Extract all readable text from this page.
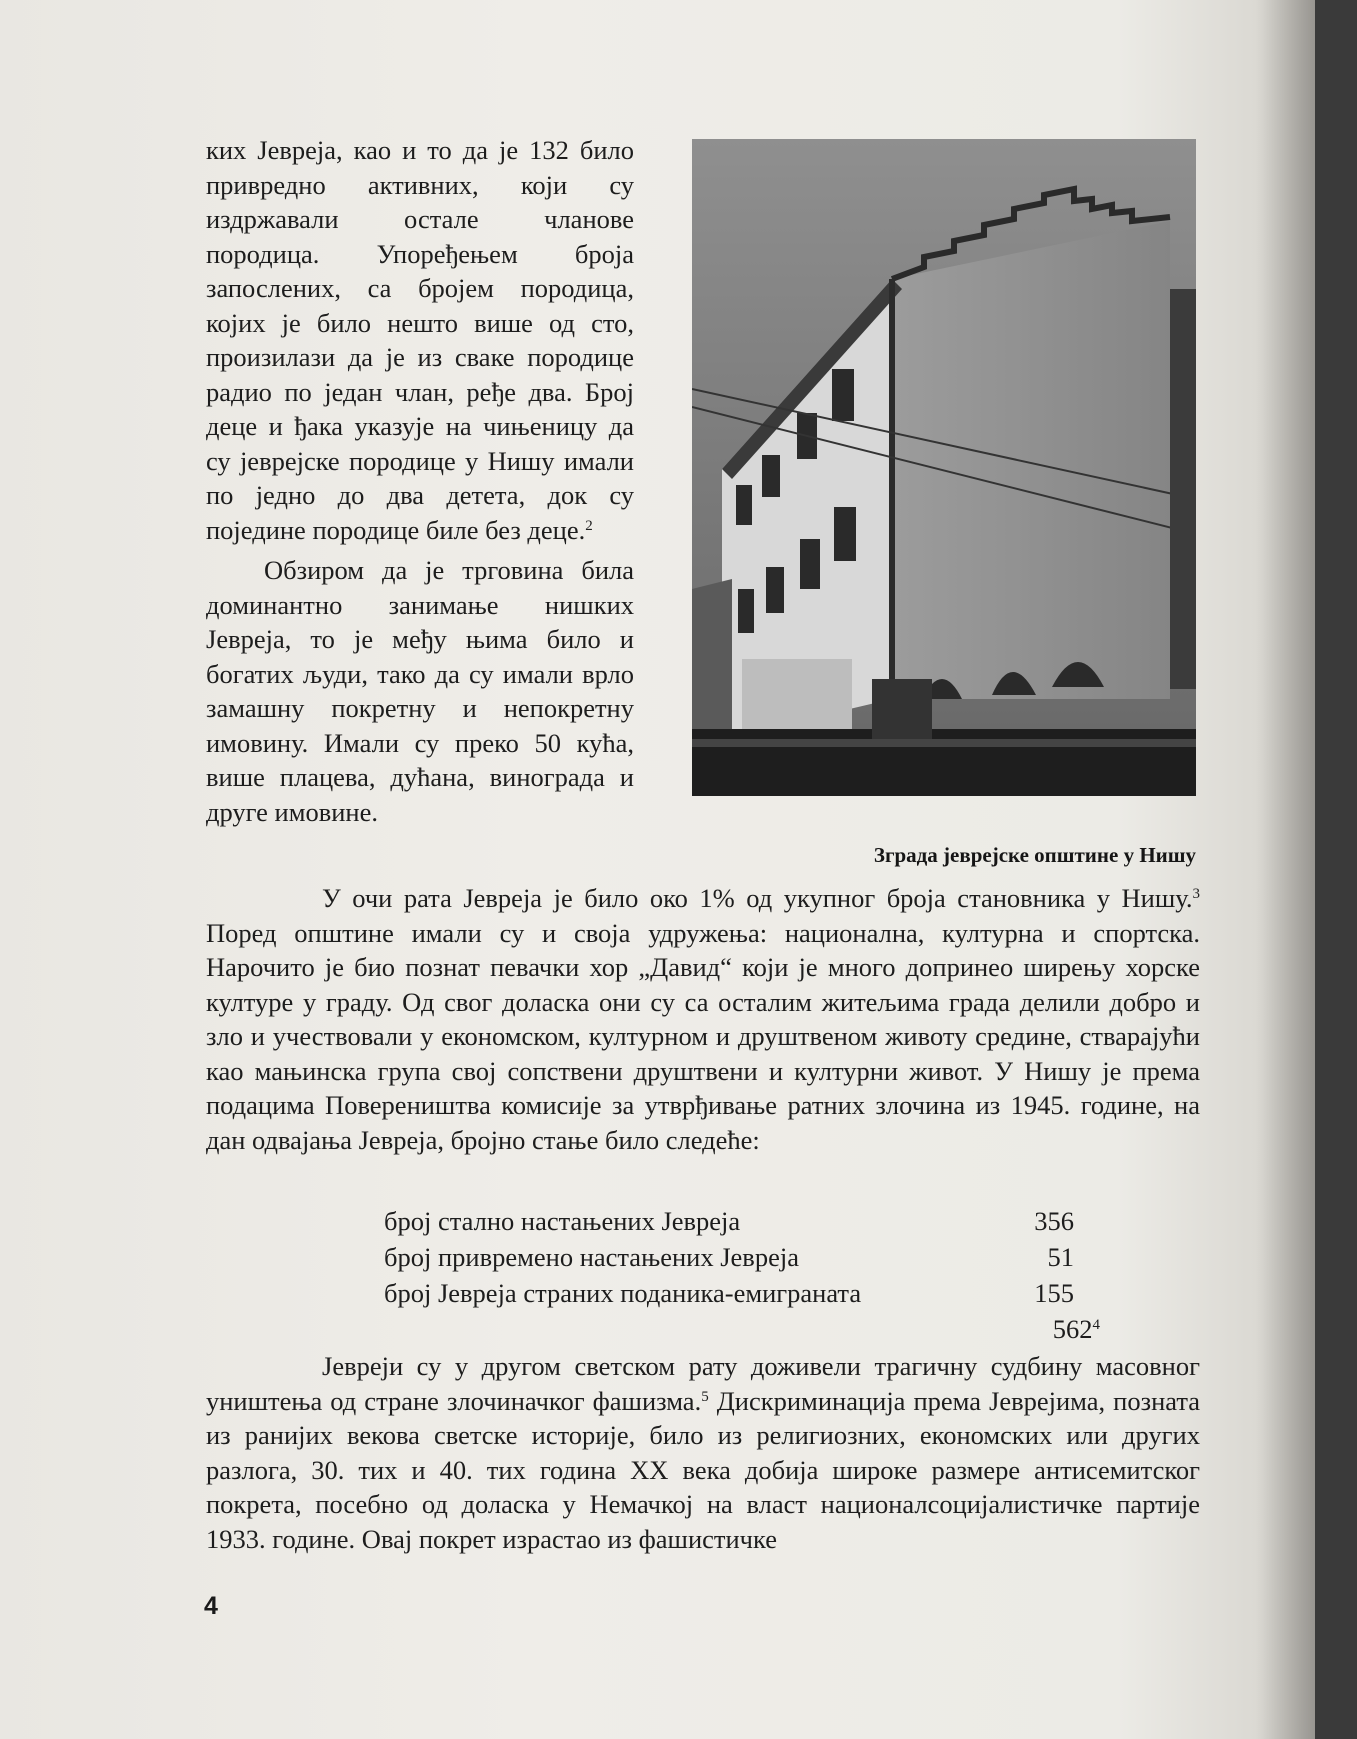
ких Јевреја, као и то да је 132 било привредно активних, који су издржавали остале чланове породица. Упоређењем броја запослених, са бројем породица, којих је било нешто више од сто, произилази да је из сваке породице радио по један члан, ређе два. Број деце и ђака указује на чињеницу да су јеврејске породице у Нишу имали по једно до два детета, док су поједине породице биле без деце.$^2$

Обзиром да је трговина била доминантно занимање нишких Јевреја, то је међу њима било и богатих људи, тако да су имали врло замашну покретну и непокретну имовину. Имали су преко 50 кућа, више плацева, дућана, винограда и друге имовине.

Зграда јеврејске општине у Нишу

У очи рата Јевреја је било око 1% од укупног броја становника у Нишу.$^3$ Поред општине имали су и своја удружења: национална, културна и спортска. Нарочито је био познат певачки хор „Давид“ који је много допринео ширењу хорске културе у граду. Од свог доласка они су са осталим житељима града делили добро и зло и учествовали у економском, културном и друштвеном животу средине, стварајући као мањинска група свој сопствени друштвени и културни живот. У Нишу је према подацима Повереништва комисије за утврђивање ратних злочина из 1945. године, на дан одвајања Јевреја, бројно стање било следеће:

број стално настањених Јевреја	356
број привремено настањених Јевреја	51
број Јевреја страних поданика-емиграната	155
$562^4$

Јевреји су у другом светском рату доживели трагичну судбину масовног уништења од стране злочиначког фашизма.$^5$ Дискриминација према Јеврејима, позната из ранијих векова светске историје, било из религиозних, економских или других разлога, 30. тих и 40. тих година XX века добија широке размере антисемитског покрета, посебно од доласка у Немачкој на власт националсоцијалистичке партије 1933. године. Овај покрет израстао из фашистичке

4
